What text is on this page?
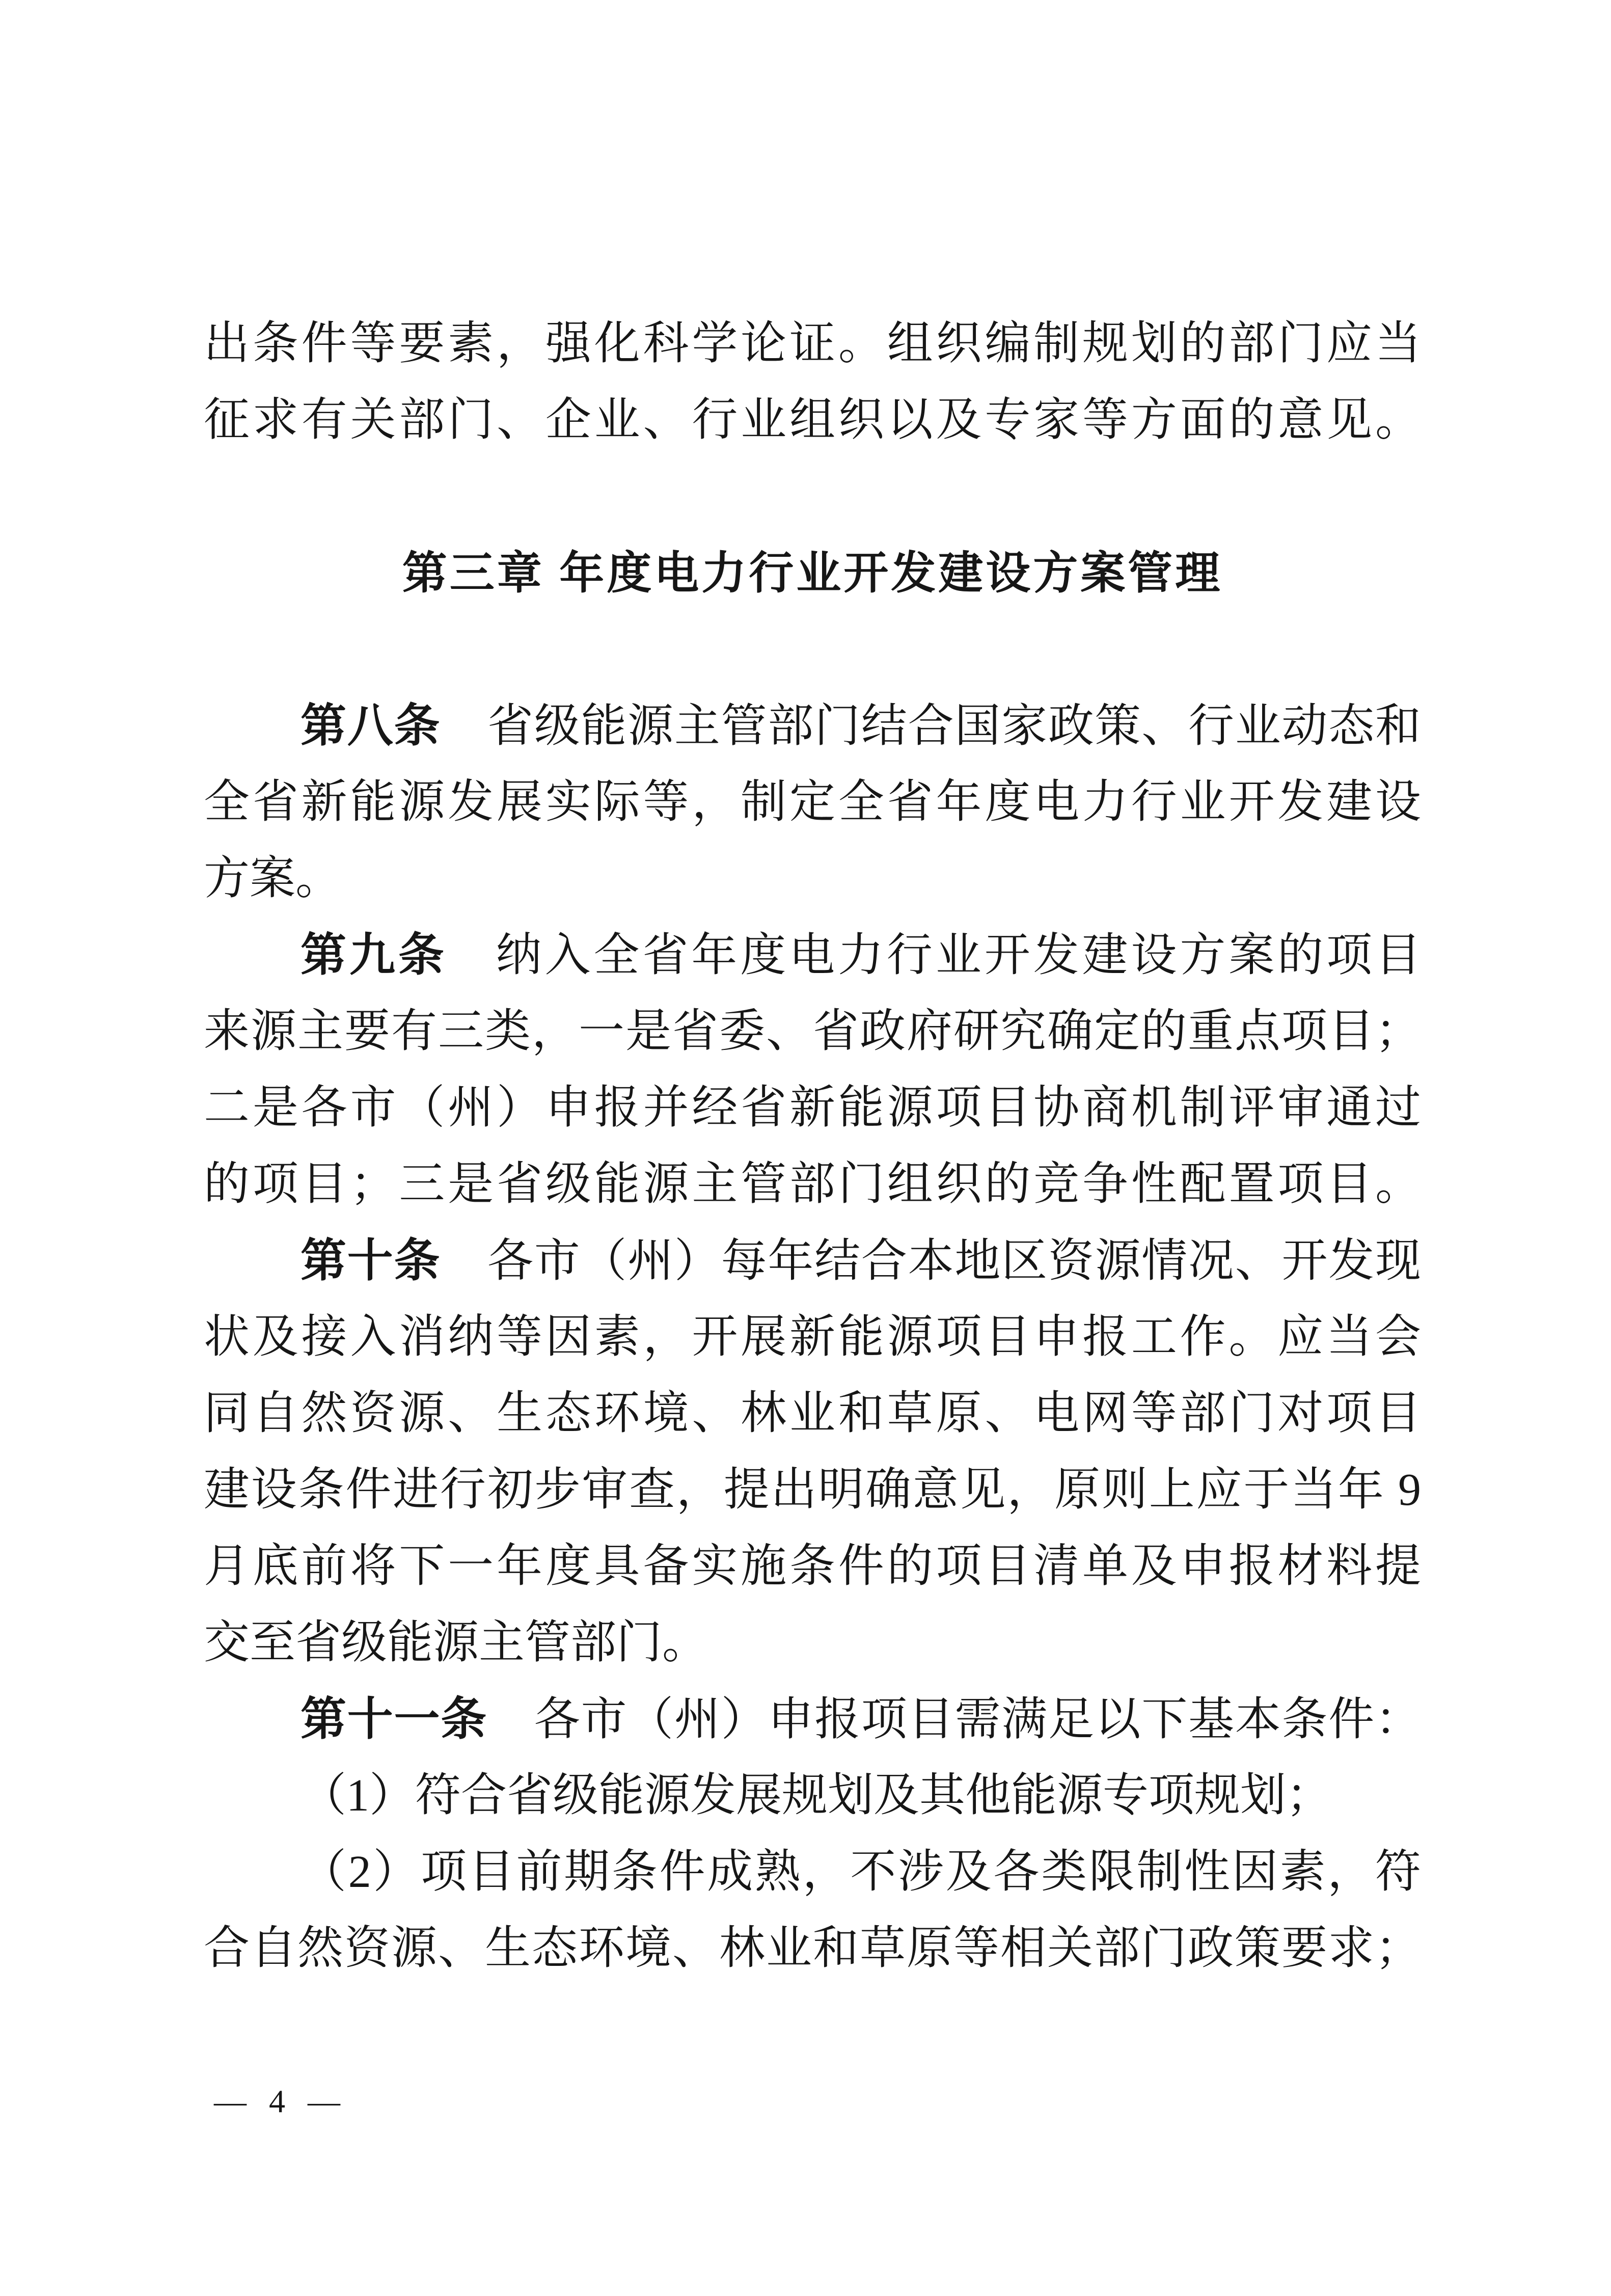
出条件等要素，强化科学论证。组织编制规划的部门应当
征求有关部门、企业、行业组织以及专家等方面的意见。
第三章 年度电力行业开发建设方案管理
第八条　省级能源主管部门结合国家政策、行业动态和
全省新能源发展实际等，制定全省年度电力行业开发建设
方案。
第九条　纳入全省年度电力行业开发建设方案的项目
来源主要有三类，一是省委、省政府研究确定的重点项目；
二是各市（州）申报并经省新能源项目协商机制评审通过
的项目；三是省级能源主管部门组织的竞争性配置项目。
第十条　各市（州）每年结合本地区资源情况、开发现
状及接入消纳等因素，开展新能源项目申报工作。应当会
同自然资源、生态环境、林业和草原、电网等部门对项目
建设条件进行初步审查，提出明确意见，原则上应于当年 9
月底前将下一年度具备实施条件的项目清单及申报材料提
交至省级能源主管部门。
第十一条　各市（州）申报项目需满足以下基本条件：
（1）符合省级能源发展规划及其他能源专项规划；
（2）项目前期条件成熟，不涉及各类限制性因素，符
合自然资源、生态环境、林业和草原等相关部门政策要求；
— 4 —
